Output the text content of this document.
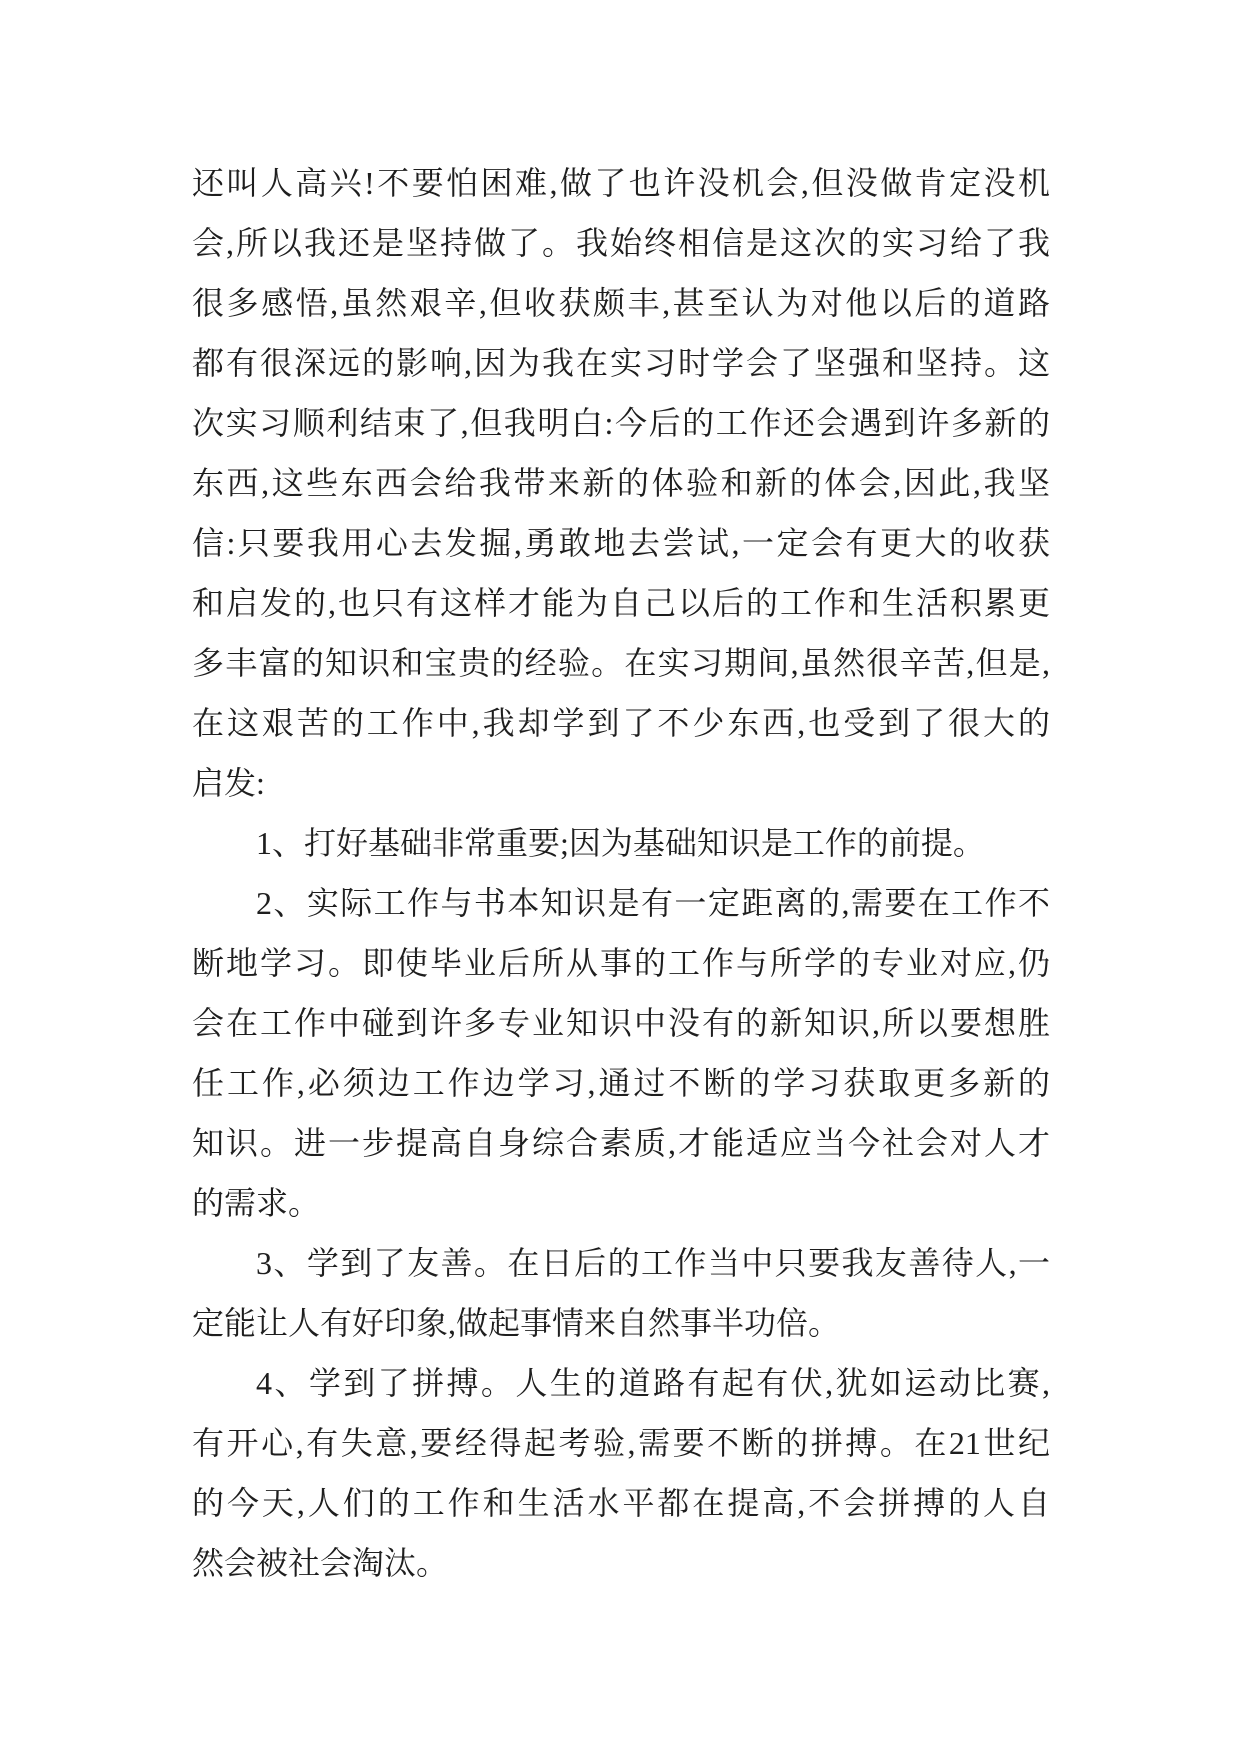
还叫人高兴!不要怕困难,做了也许没机会,但没做肯定没机
会,所以我还是坚持做了。我始终相信是这次的实习给了我
很多感悟,虽然艰辛,但收获颇丰,甚至认为对他以后的道路
都有很深远的影响,因为我在实习时学会了坚强和坚持。这
次实习顺利结束了,但我明白:今后的工作还会遇到许多新的
东西,这些东西会给我带来新的体验和新的体会,因此,我坚
信:只要我用心去发掘,勇敢地去尝试,一定会有更大的收获
和启发的,也只有这样才能为自己以后的工作和生活积累更
多丰富的知识和宝贵的经验。在实习期间,虽然很辛苦,但是,
在这艰苦的工作中,我却学到了不少东西,也受到了很大的
启发:
1、打好基础非常重要;因为基础知识是工作的前提。
2、实际工作与书本知识是有一定距离的,需要在工作不
断地学习。即使毕业后所从事的工作与所学的专业对应,仍
会在工作中碰到许多专业知识中没有的新知识,所以要想胜
任工作,必须边工作边学习,通过不断的学习获取更多新的
知识。进一步提高自身综合素质,才能适应当今社会对人才
的需求。
3、学到了友善。在日后的工作当中只要我友善待人,一
定能让人有好印象,做起事情来自然事半功倍。
4、学到了拼搏。人生的道路有起有伏,犹如运动比赛,
有开心,有失意,要经得起考验,需要不断的拼搏。在21世纪
的今天,人们的工作和生活水平都在提高,不会拼搏的人自
然会被社会淘汰。
